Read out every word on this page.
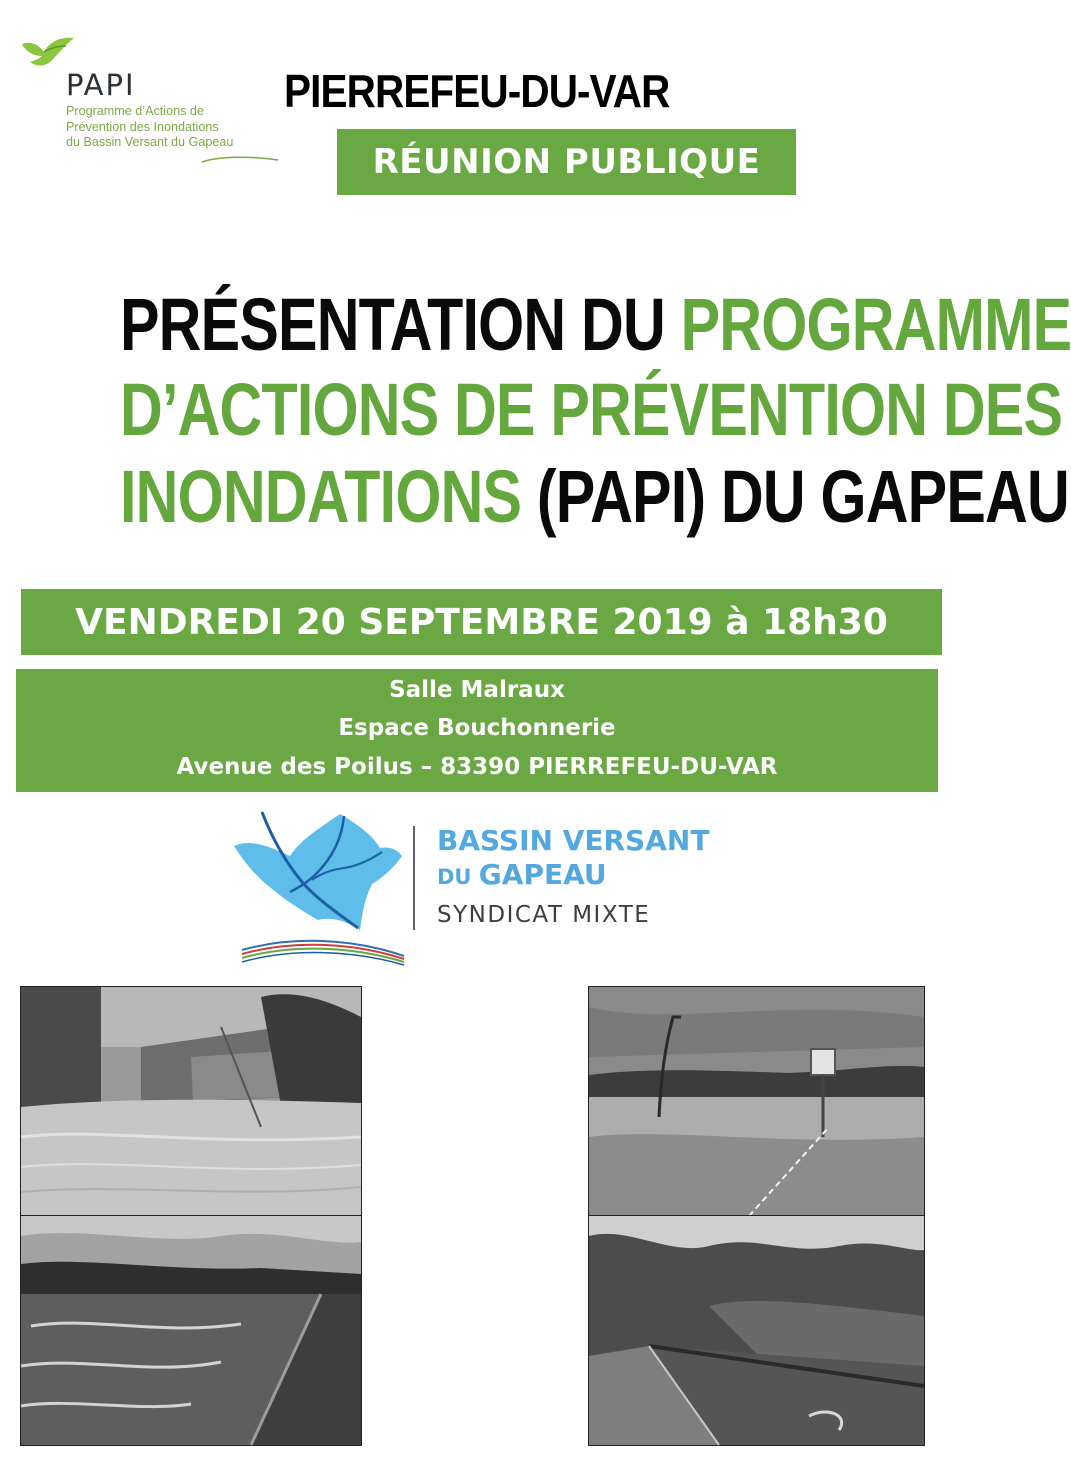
PAPI
Programme d’Actions de
Prévention des Inondations
du Bassin Versant du Gapeau
PIERREFEU-DU-VAR
RÉUNION PUBLIQUE
PRÉSENTATION DU PROGRAMME
D’ACTIONS DE PRÉVENTION DES
INONDATIONS (PAPI) DU GAPEAU
VENDREDI 20 SEPTEMBRE 2019 à 18h30
Salle Malraux
Espace Bouchonnerie
Avenue des Poilus – 83390 PIERREFEU-DU-VAR
BASSIN VERSANT
DU GAPEAU
SYNDICAT MIXTE
